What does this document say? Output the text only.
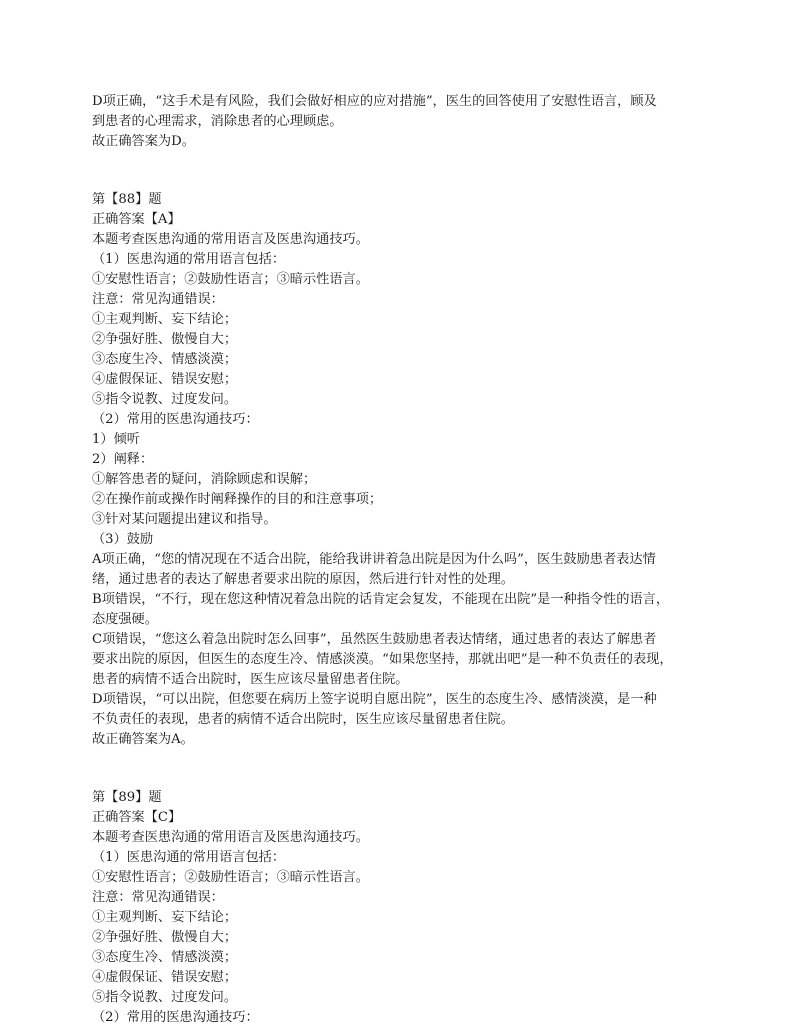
D项正确，“这手术是有风险，我们会做好相应的应对措施”，医生的回答使用了安慰性语言，顾及
到患者的心理需求，消除患者的心理顾虑。
故正确答案为D。
第【88】题
正确答案【A】
本题考查医患沟通的常用语言及医患沟通技巧。
（1）医患沟通的常用语言包括：
①安慰性语言；②鼓励性语言；③暗示性语言。
注意：常见沟通错误：
①主观判断、妄下结论；
②争强好胜、傲慢自大；
③态度生冷、情感淡漠；
④虚假保证、错误安慰；
⑤指令说教、过度发问。
（2）常用的医患沟通技巧：
1）倾听
2）阐释：
①解答患者的疑问，消除顾虑和误解；
②在操作前或操作时阐释操作的目的和注意事项；
③针对某问题提出建议和指导。
（3）鼓励
A项正确，“您的情况现在不适合出院，能给我讲讲着急出院是因为什么吗”，医生鼓励患者表达情
绪，通过患者的表达了解患者要求出院的原因，然后进行针对性的处理。
B项错误，“不行，现在您这种情况着急出院的话肯定会复发，不能现在出院”是一种指令性的语言，
态度强硬。
C项错误，“您这么着急出院时怎么回事”，虽然医生鼓励患者表达情绪，通过患者的表达了解患者
要求出院的原因，但医生的态度生冷、情感淡漠。“如果您坚持，那就出吧”是一种不负责任的表现，
患者的病情不适合出院时，医生应该尽量留患者住院。
D项错误，“可以出院，但您要在病历上签字说明自愿出院”，医生的态度生冷、感情淡漠，是一种
不负责任的表现，患者的病情不适合出院时，医生应该尽量留患者住院。
故正确答案为A。
第【89】题
正确答案【C】
本题考查医患沟通的常用语言及医患沟通技巧。
（1）医患沟通的常用语言包括：
①安慰性语言；②鼓励性语言；③暗示性语言。
注意：常见沟通错误：
①主观判断、妄下结论；
②争强好胜、傲慢自大；
③态度生冷、情感淡漠；
④虚假保证、错误安慰；
⑤指令说教、过度发问。
（2）常用的医患沟通技巧：
